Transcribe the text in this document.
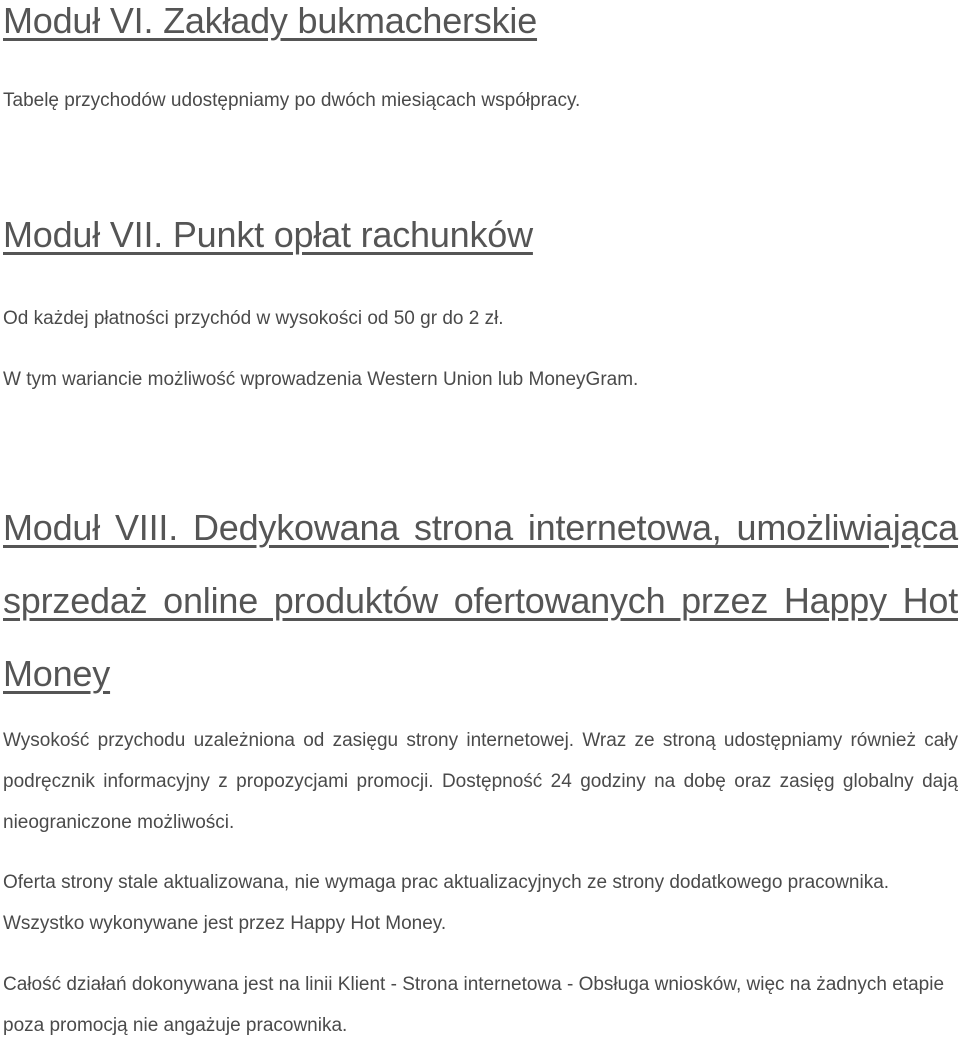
Moduł VI. Zakłady bukmacherskie

Tabelę przychodów udostępniamy po dwóch miesiącach współpracy.

Moduł VII. Punkt opłat rachunków

Od każdej płatności przychód w wysokości od 50 gr do 2 zł.

W tym wariancie możliwość wprowadzenia Western Union lub MoneyGram.

Moduł VIII. Dedykowana strona internetowa, umożliwiająca sprzedaż online produktów ofertowanych przez Happy Hot Money

Wysokość przychodu uzależniona od zasięgu strony internetowej. Wraz ze stroną udostępniamy również cały podręcznik informacyjny z propozycjami promocji. Dostępność 24 godziny na dobę oraz zasięg globalny dają nieograniczone możliwości.

Oferta strony stale aktualizowana, nie wymaga prac aktualizacyjnych ze strony dodatkowego pracownika. Wszystko wykonywane jest przez Happy Hot Money.

Całość działań dokonywana jest na linii Klient - Strona internetowa - Obsługa wniosków, więc na żadnych etapie poza promocją nie angażuje pracownika.
